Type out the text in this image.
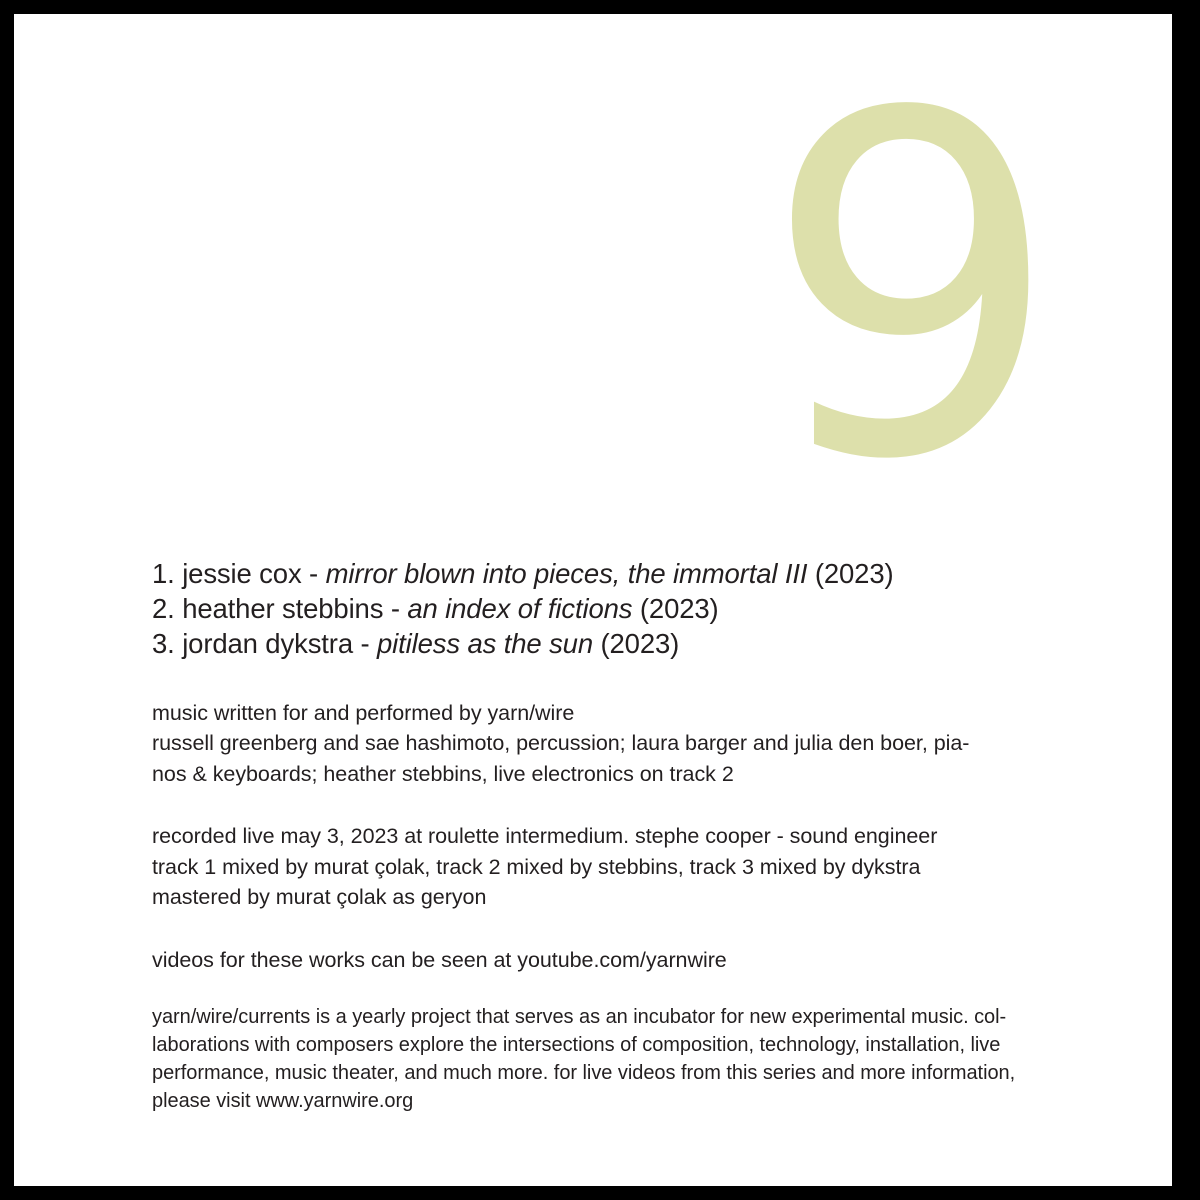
9
1. jessie cox - mirror blown into pieces, the immortal III (2023)
2. heather stebbins - an index of fictions (2023)
3. jordan dykstra - pitiless as the sun (2023)
music written for and performed by yarn/wire
russell greenberg and sae hashimoto, percussion; laura barger and julia den boer, pia-
nos & keyboards; heather stebbins, live electronics on track 2
recorded live may 3, 2023 at roulette intermedium. stephe cooper - sound engineer
track 1 mixed by murat çolak, track 2 mixed by stebbins, track 3 mixed by dykstra
mastered by murat çolak as geryon
videos for these works can be seen at youtube.com/yarnwire
yarn/wire/currents is a yearly project that serves as an incubator for new experimental music. col-
laborations with composers explore the intersections of composition, technology, installation, live
performance, music theater, and much more. for live videos from this series and more information,
please visit www.yarnwire.org
